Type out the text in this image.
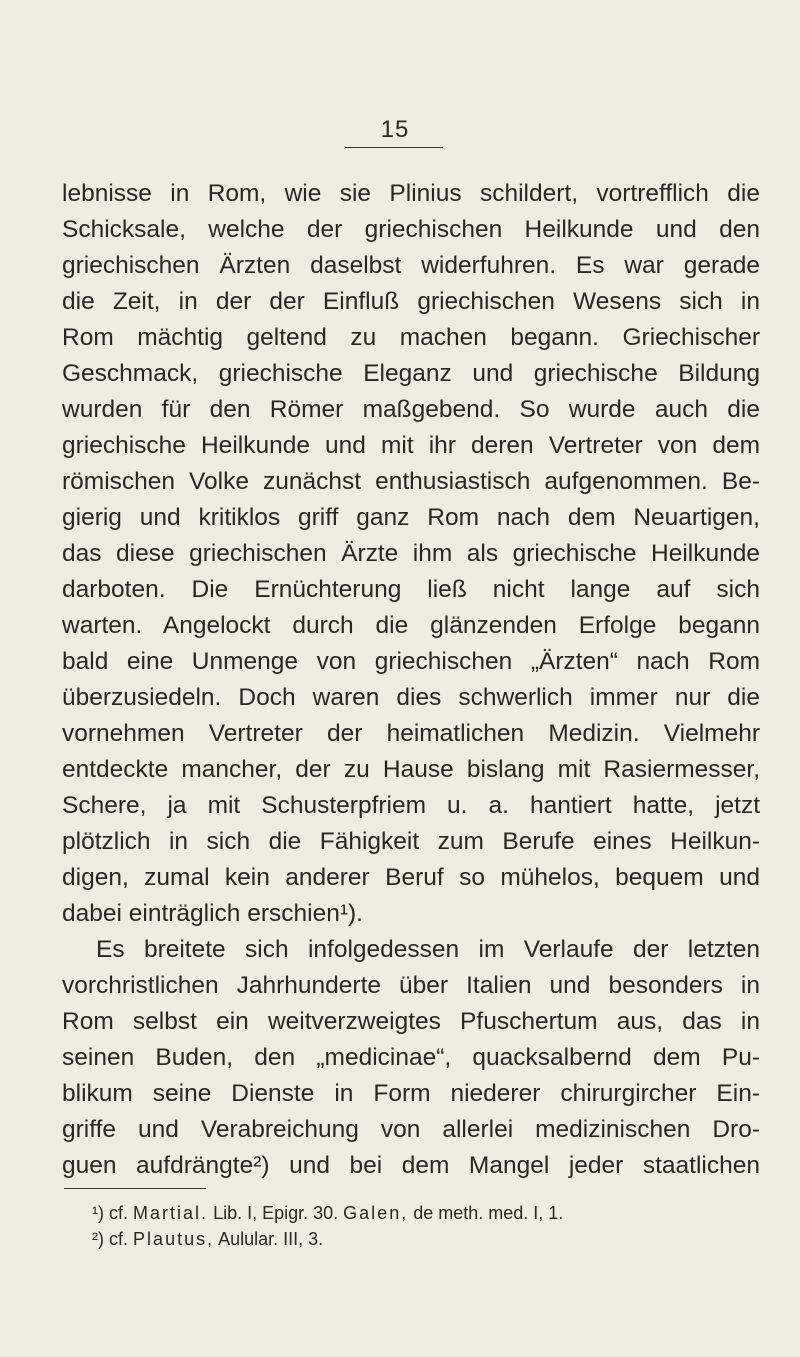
15
lebnisse in Rom, wie sie Plinius schildert, vortrefflich die
Schicksale, welche der griechischen Heilkunde und den
griechischen Ärzten daselbst widerfuhren. Es war gerade
die Zeit, in der der Einfluß griechischen Wesens sich in
Rom mächtig geltend zu machen begann. Griechischer
Geschmack, griechische Eleganz und griechische Bildung
wurden für den Römer maßgebend. So wurde auch die
griechische Heilkunde und mit ihr deren Vertreter von dem
römischen Volke zunächst enthusiastisch aufgenommen. Be-
gierig und kritiklos griff ganz Rom nach dem Neuartigen,
das diese griechischen Ärzte ihm als griechische Heilkunde
darboten. Die Ernüchterung ließ nicht lange auf sich
warten. Angelockt durch die glänzenden Erfolge begann
bald eine Unmenge von griechischen „Ärzten“ nach Rom
überzusiedeln. Doch waren dies schwerlich immer nur die
vornehmen Vertreter der heimatlichen Medizin. Vielmehr
entdeckte mancher, der zu Hause bislang mit Rasiermesser,
Schere, ja mit Schusterpfriem u. a. hantiert hatte, jetzt
plötzlich in sich die Fähigkeit zum Berufe eines Heilkun-
digen, zumal kein anderer Beruf so mühelos, bequem und
dabei einträglich erschien¹).
Es breitete sich infolgedessen im Verlaufe der letzten
vorchristlichen Jahrhunderte über Italien und besonders in
Rom selbst ein weitverzweigtes Pfuschertum aus, das in
seinen Buden, den „medicinae“, quacksalbernd dem Pu-
blikum seine Dienste in Form niederer chirurgircher Ein-
griffe und Verabreichung von allerlei medizinischen Dro-
guen aufdrängte²) und bei dem Mangel jeder staatlichen
¹) cf. Martial. Lib. I, Epigr. 30. Galen, de meth. med. I, 1.
²) cf. Plautus, Aulular. III, 3.
